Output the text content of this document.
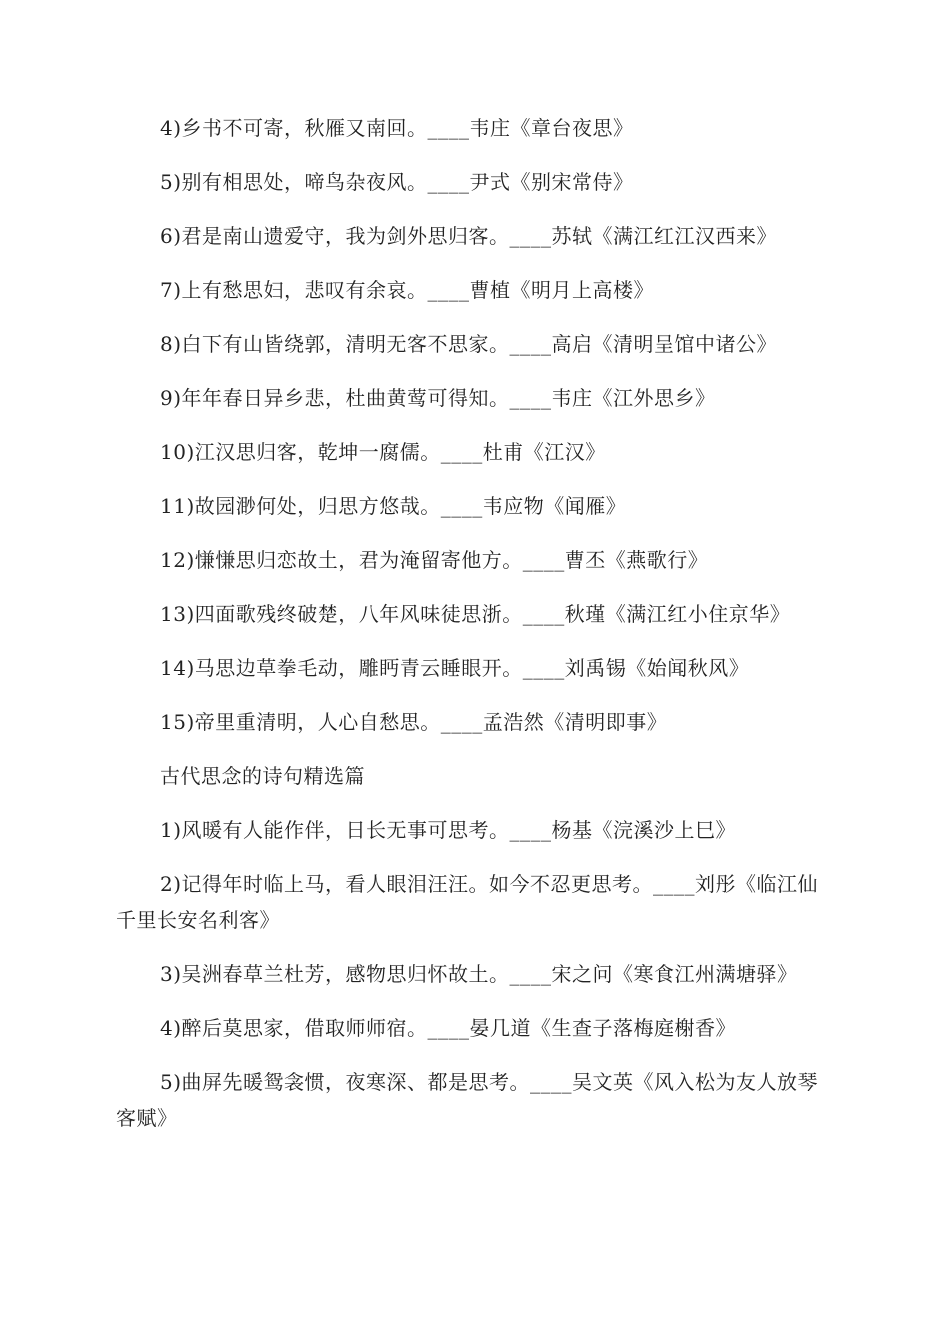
4)乡书不可寄，秋雁又南回。____韦庄《章台夜思》

5)别有相思处，啼鸟杂夜风。____尹式《别宋常侍》

6)君是南山遗爱守，我为剑外思归客。____苏轼《满江红江汉西来》

7)上有愁思妇，悲叹有余哀。____曹植《明月上高楼》

8)白下有山皆绕郭，清明无客不思家。____高启《清明呈馆中诸公》

9)年年春日异乡悲，杜曲黄莺可得知。____韦庄《江外思乡》

10)江汉思归客，乾坤一腐儒。____杜甫《江汉》

11)故园渺何处，归思方悠哉。____韦应物《闻雁》

12)慊慊思归恋故土，君为淹留寄他方。____曹丕《燕歌行》

13)四面歌残终破楚，八年风味徒思浙。____秋瑾《满江红小住京华》

14)马思边草拳毛动，雕眄青云睡眼开。____刘禹锡《始闻秋风》

15)帝里重清明，人心自愁思。____孟浩然《清明即事》

古代思念的诗句精选篇

1)风暖有人能作伴，日长无事可思考。____杨基《浣溪沙上巳》

2)记得年时临上马，看人眼泪汪汪。如今不忍更思考。____刘彤《临江仙千里长安名利客》

3)吴洲春草兰杜芳，感物思归怀故土。____宋之问《寒食江州满塘驿》

4)醉后莫思家，借取师师宿。____晏几道《生查子落梅庭榭香》

5)曲屏先暖鸳衾惯，夜寒深、都是思考。____吴文英《风入松为友人放琴客赋》
